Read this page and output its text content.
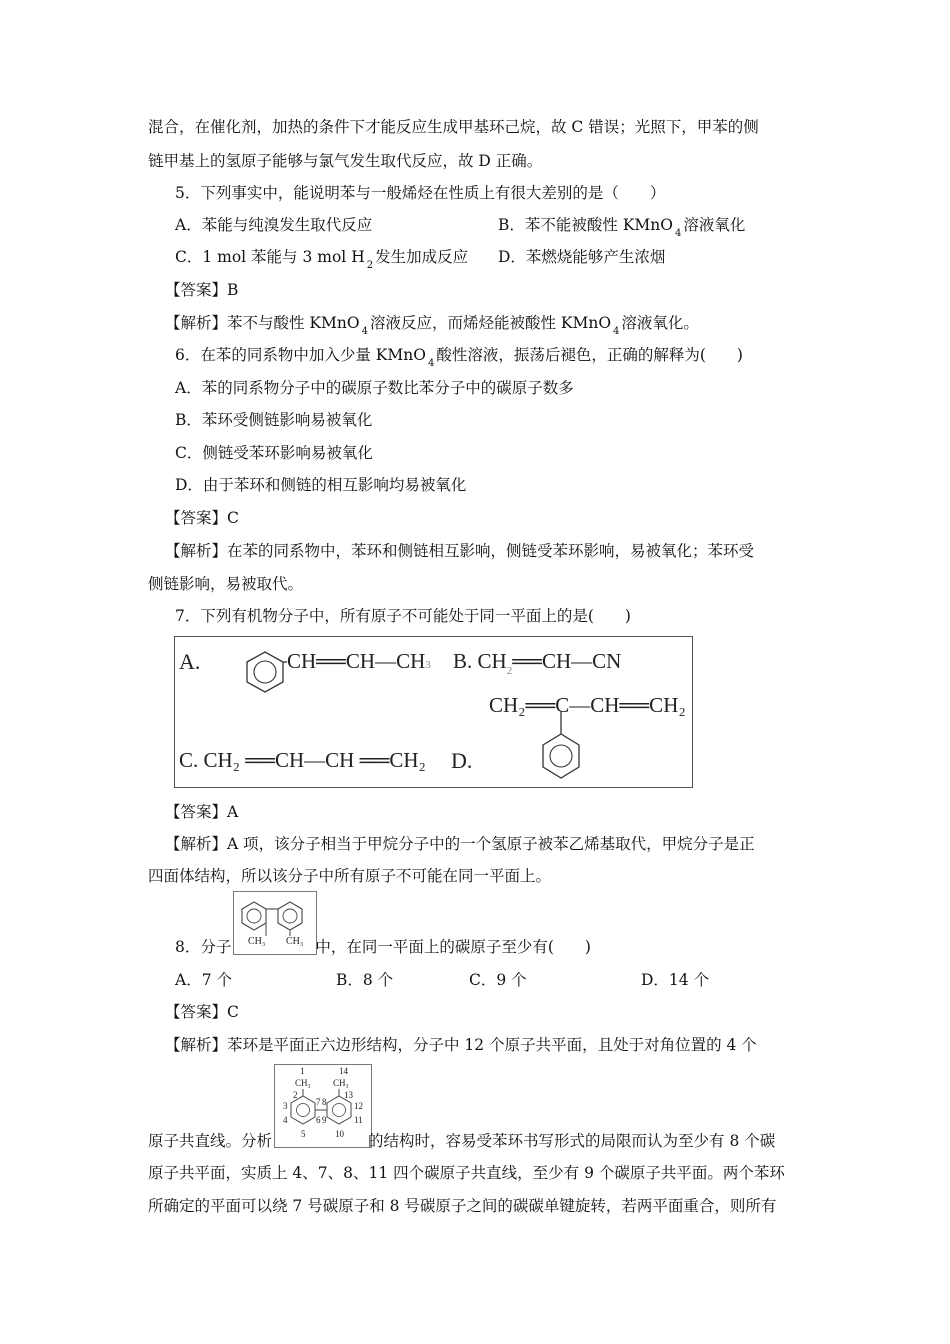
混合，在催化剂，加热的条件下才能反应生成甲基环己烷，故 C 错误；光照下，甲苯的侧
链甲基上的氢原子能够与氯气发生取代反应，故 D 正确。
5．下列事实中，能说明苯与一般烯烃在性质上有很大差别的是（　　）
A．苯能与纯溴发生取代反应	B．苯不能被酸性 KMnO $_4$ 溶液氧化
C．1 mol 苯能与 3 mol H $_2$ 发生加成反应 D．苯燃烧能够产生浓烟
【答案】B
【解析】苯不与酸性 KMnO $_4$ 溶液反应，而烯烃能被酸性 KMnO $_4$ 溶液氧化。
6．在苯的同系物中加入少量 KMnO $_4$ 酸性溶液，振荡后褪色，正确的解释为(　　)
A．苯的同系物分子中的碳原子数比苯分子中的碳原子数多
B．苯环受侧链影响易被氧化
C．侧链受苯环影响易被氧化
D．由于苯环和侧链的相互影响均易被氧化
【答案】C
【解析】在苯的同系物中，苯环和侧链相互影响，侧链受苯环影响，易被氧化；苯环受
侧链影响，易被取代。
7．下列有机物分子中，所有原子不可能处于同一平面上的是(　　)
A.	CH══CH—CH3 B. $CH_2══CH—CN$
CH₂══C—CH══CH₂
C. CH₂ ══CH—CH ══CH₂ D.
【答案】A
【解析】A 项，该分子相当于甲烷分子中的一个氢原子被苯乙烯基取代，甲烷分子是正
四面体结构，所以该分子中所有原子不可能在同一平面上。
CH₃ CH₃
8．分子	中，在同一平面上的碳原子至少有(　　)
A．7 个	B．8 个	C．9 个	D．14 个
【答案】C
【解析】苯环是平面正六边形结构，分子中 12 个原子共平面，且处于对角位置的 4 个
1
CH₃
14
CH₃
2
3
4
5
6
7 8
9
10
11
12
13
原子共直线。分析	的结构时，容易受苯环书写形式的局限而认为至少有 8 个碳
原子共平面，实质上 4、7、8、11 四个碳原子共直线，至少有 9 个碳原子共平面。两个苯环
所确定的平面可以绕 7 号碳原子和 8 号碳原子之间的碳碳单键旋转，若两平面重合，则所有
